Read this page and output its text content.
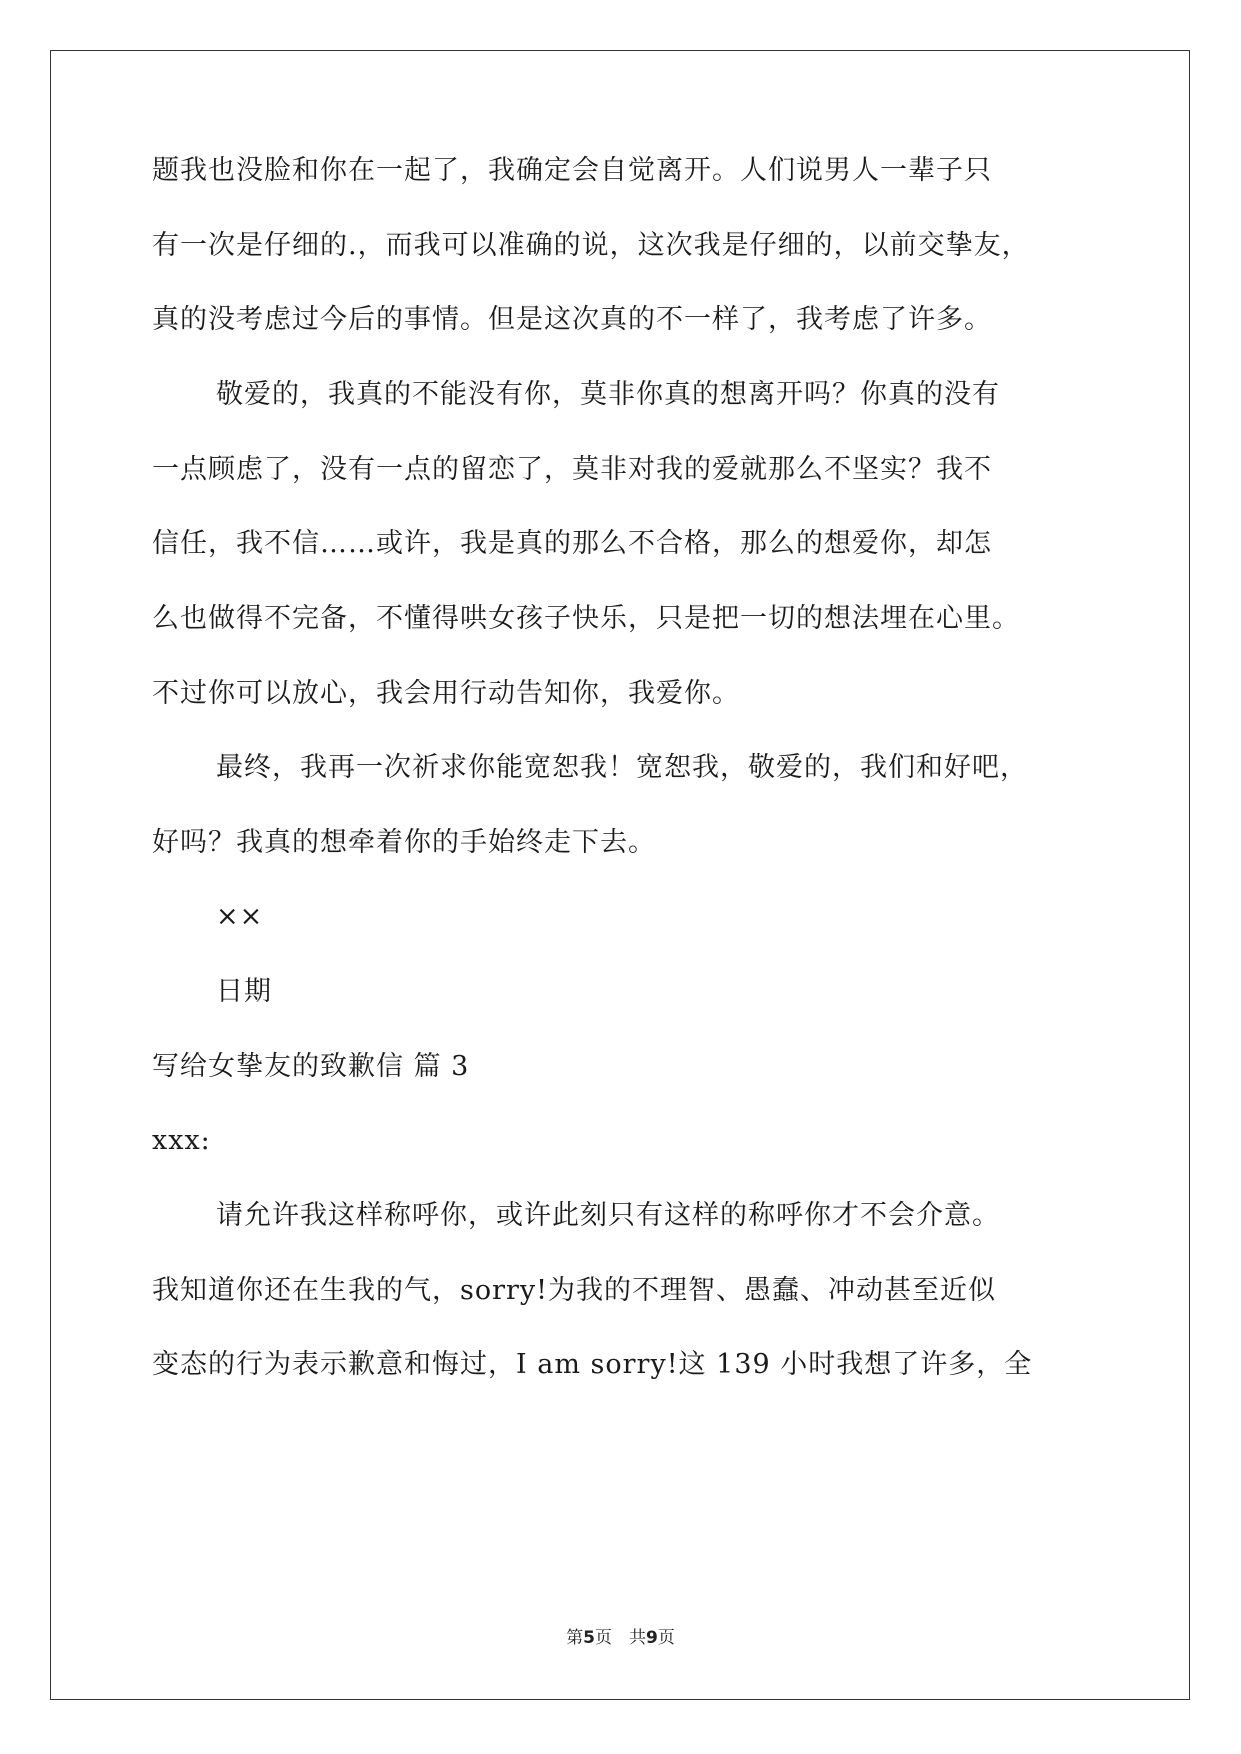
题我也没脸和你在一起了，我确定会自觉离开。人们说男人一辈子只
有一次是仔细的.，而我可以准确的说，这次我是仔细的，以前交挚友，
真的没考虑过今后的事情。但是这次真的不一样了，我考虑了许多。
敬爱的，我真的不能没有你，莫非你真的想离开吗？你真的没有
一点顾虑了，没有一点的留恋了，莫非对我的爱就那么不坚实？我不
信任，我不信……或许，我是真的那么不合格，那么的想爱你，却怎
么也做得不完备，不懂得哄女孩子快乐，只是把一切的想法埋在心里。
不过你可以放心，我会用行动告知你，我爱你。
最终，我再一次祈求你能宽恕我！宽恕我，敬爱的，我们和好吧，
好吗？我真的想牵着你的手始终走下去。
××
日期
写给女挚友的致歉信 篇 3
xxx:
请允许我这样称呼你，或许此刻只有这样的称呼你才不会介意。
我知道你还在生我的气，sorry!为我的不理智、愚蠢、冲动甚至近似
变态的行为表示歉意和悔过，I am sorry!这 139 小时我想了许多，全
第5页　共9页
